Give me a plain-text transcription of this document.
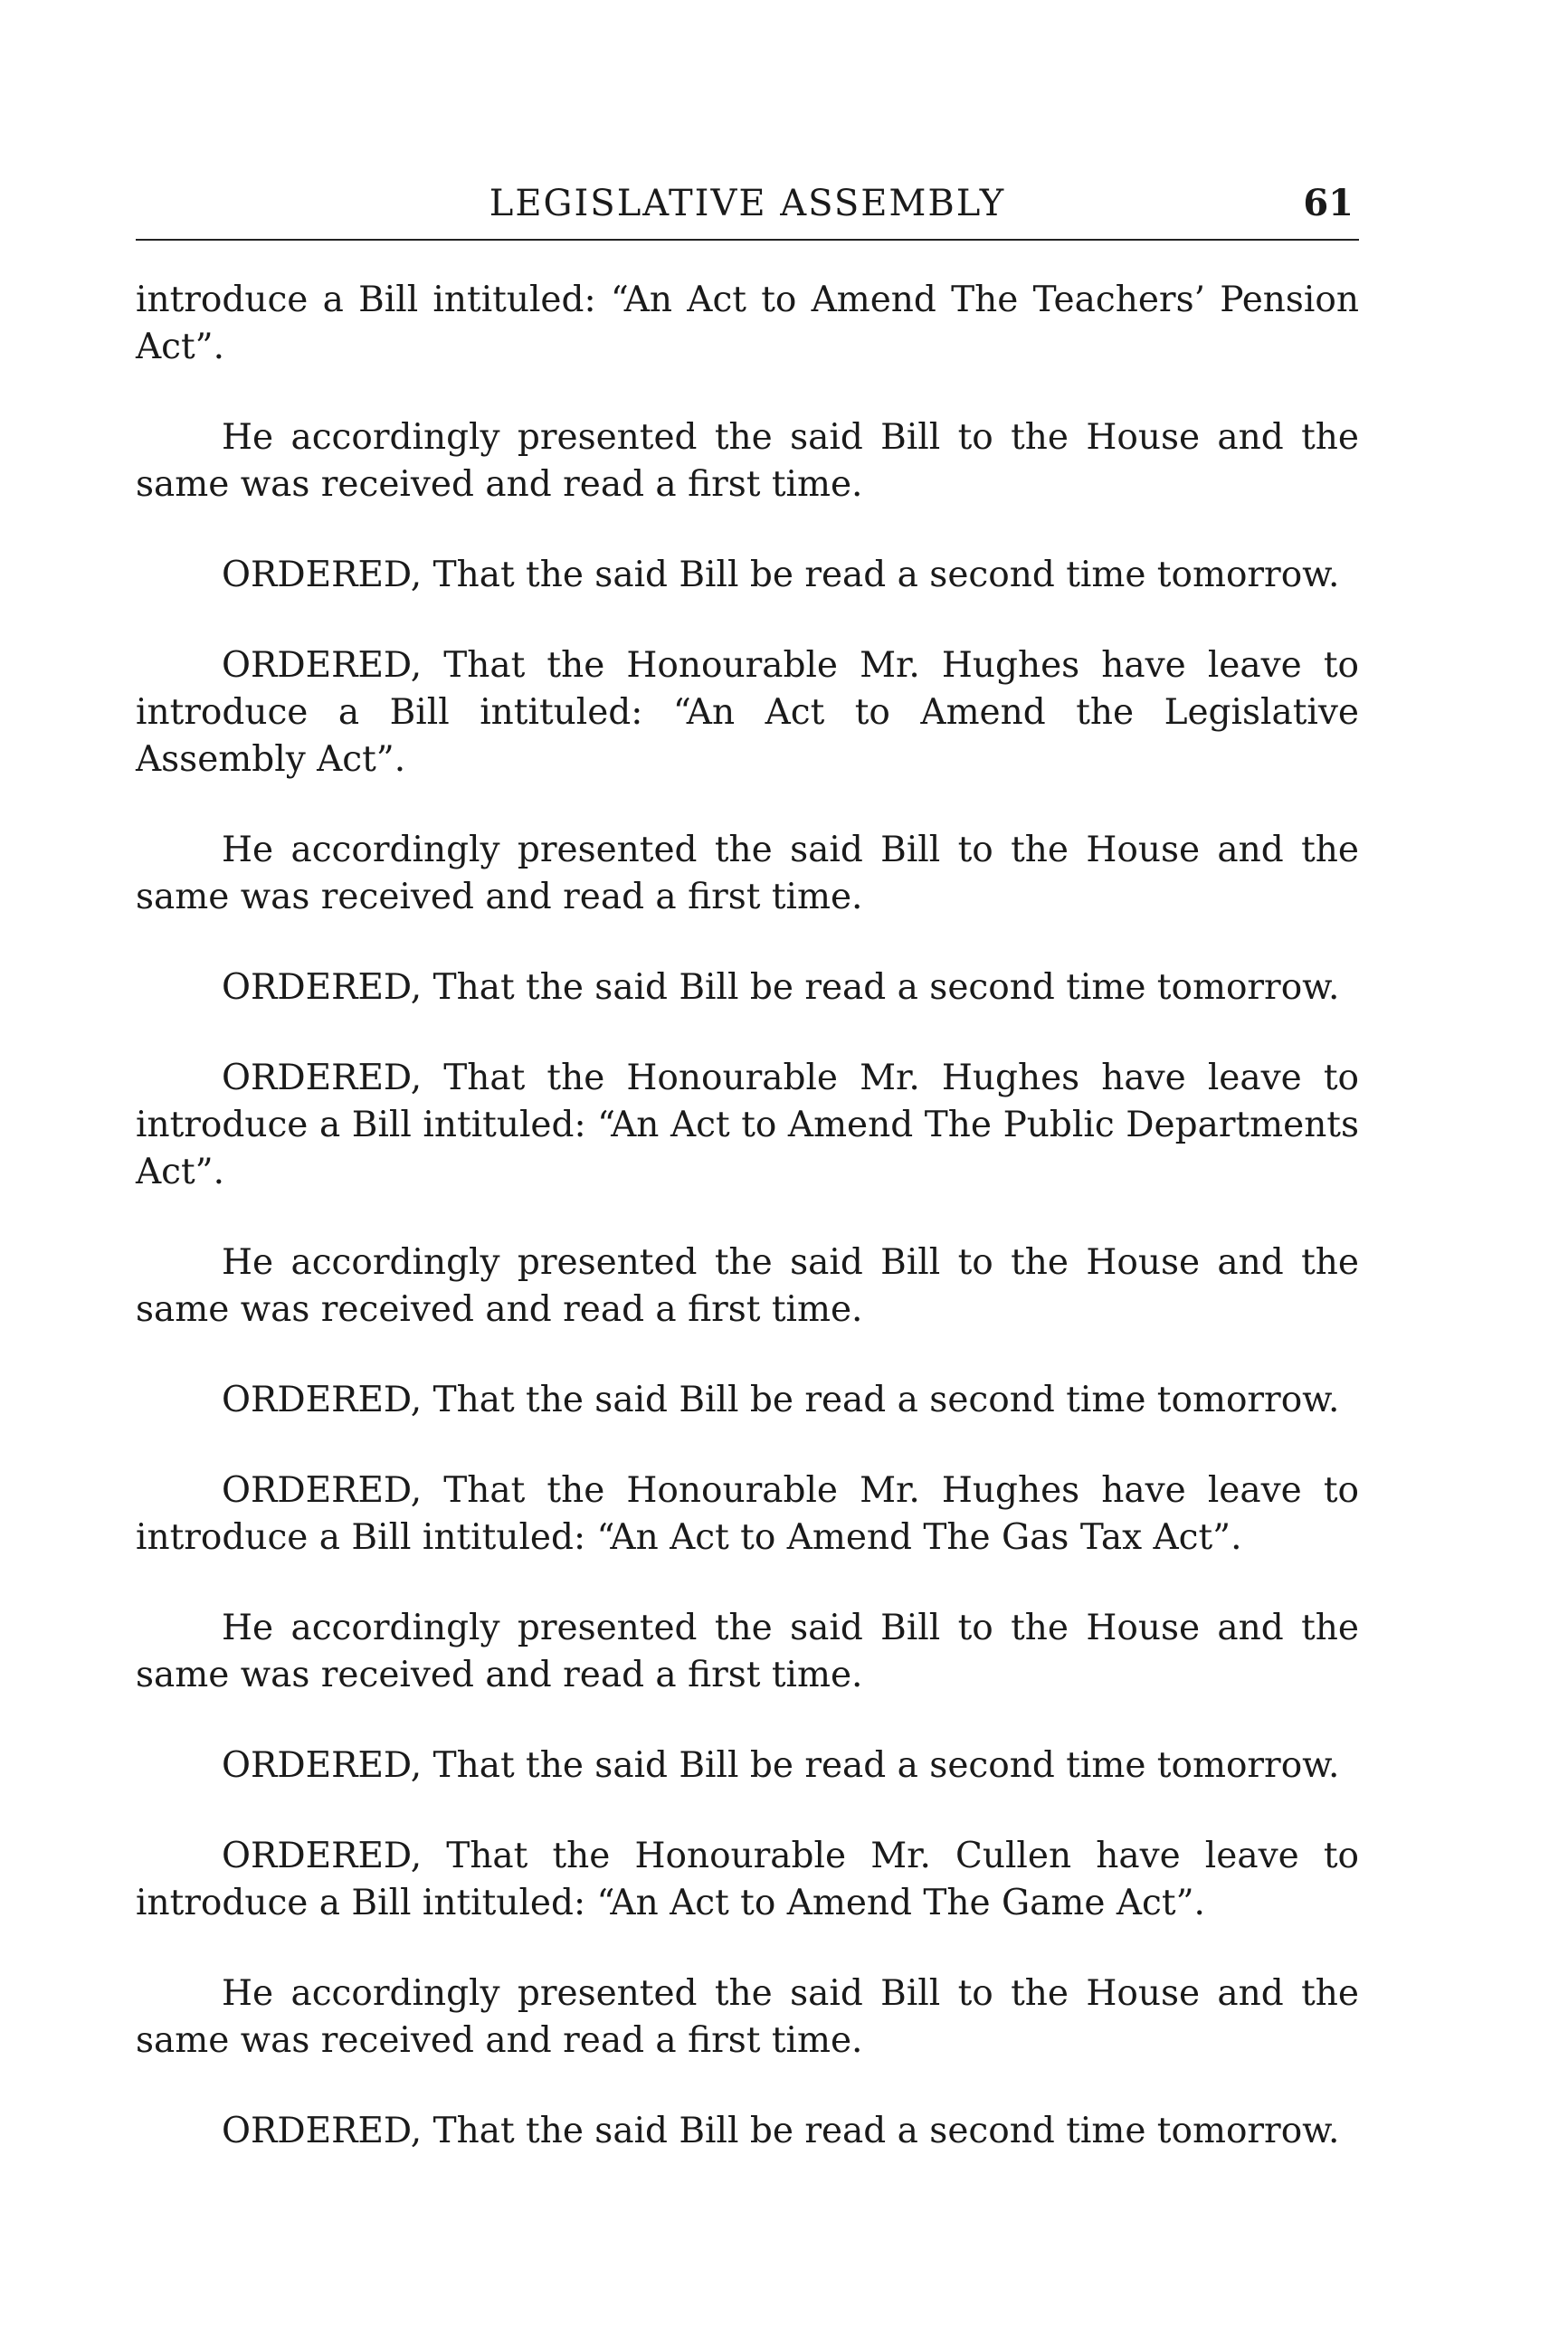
LEGISLATIVE ASSEMBLY	61

introduce a Bill intituled: “An Act to Amend The Teachers’ Pension Act”.

He accordingly presented the said Bill to the House and the same was received and read a first time.

ORDERED, That the said Bill be read a second time tomorrow.

ORDERED, That the Honourable Mr. Hughes have leave to introduce a Bill intituled: “An Act to Amend the Legislative Assembly Act”.

He accordingly presented the said Bill to the House and the same was received and read a first time.

ORDERED, That the said Bill be read a second time tomorrow.

ORDERED, That the Honourable Mr. Hughes have leave to introduce a Bill intituled: “An Act to Amend The Public Departments Act”.

He accordingly presented the said Bill to the House and the same was received and read a first time.

ORDERED, That the said Bill be read a second time tomorrow.

ORDERED, That the Honourable Mr. Hughes have leave to introduce a Bill intituled: “An Act to Amend The Gas Tax Act”.

He accordingly presented the said Bill to the House and the same was received and read a first time.

ORDERED, That the said Bill be read a second time tomorrow.

ORDERED, That the Honourable Mr. Cullen have leave to introduce a Bill intituled: “An Act to Amend The Game Act”.

He accordingly presented the said Bill to the House and the same was received and read a first time.

ORDERED, That the said Bill be read a second time tomorrow.
